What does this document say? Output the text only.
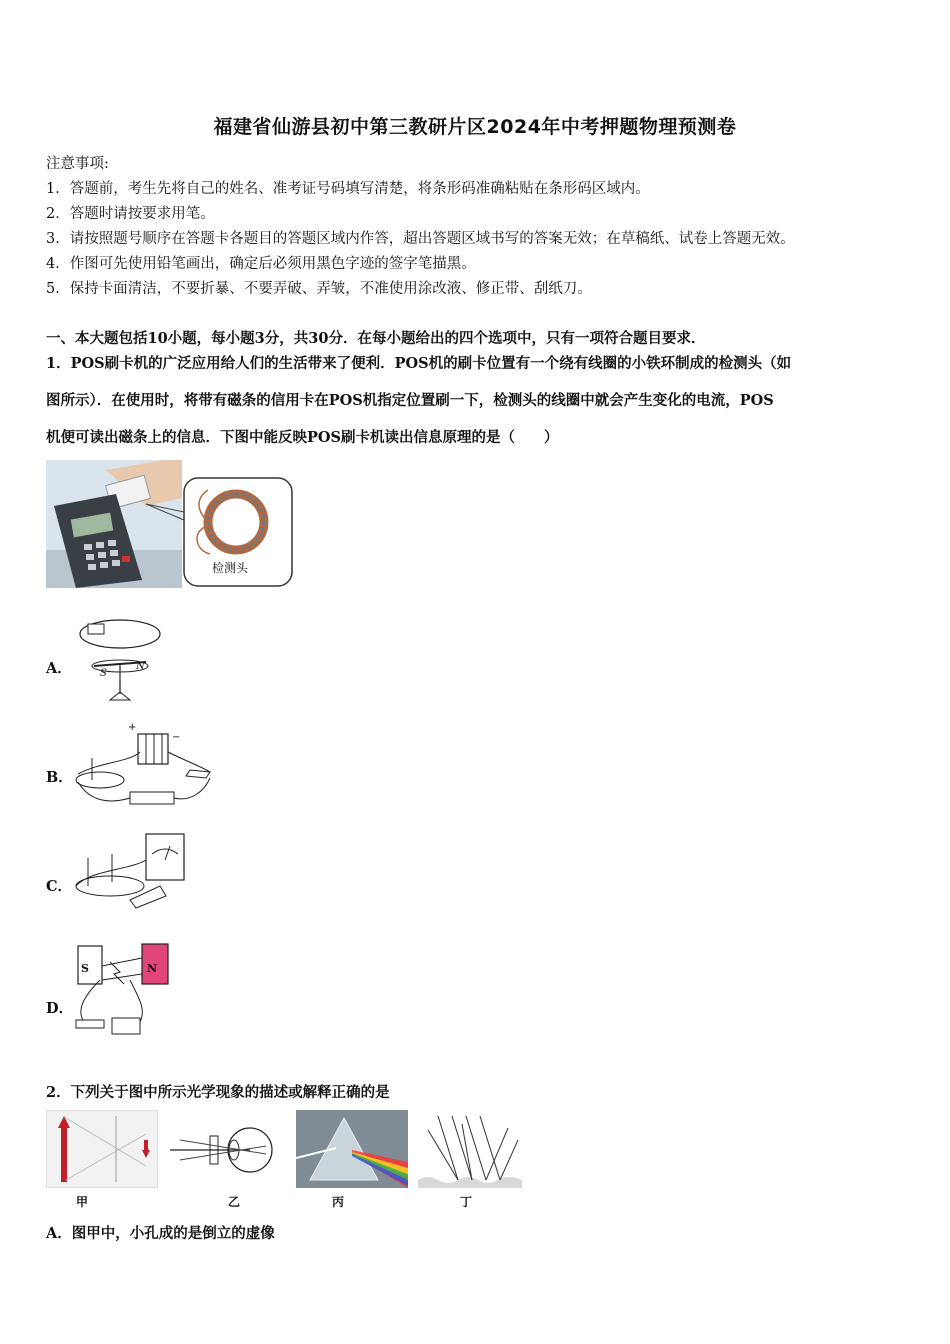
福建省仙游县初中第三教研片区2024年中考押题物理预测卷
注意事项:
1．答题前，考生先将自己的姓名、准考证号码填写清楚，将条形码准确粘贴在条形码区域内。
2．答题时请按要求用笔。
3．请按照题号顺序在答题卡各题目的答题区域内作答，超出答题区域书写的答案无效；在草稿纸、试卷上答题无效。
4．作图可先使用铅笔画出，确定后必须用黑色字迹的签字笔描黑。
5．保持卡面清洁，不要折暴、不要弄破、弄皱，不准使用涂改液、修正带、刮纸刀。
一、本大题包括10小题，每小题3分，共30分．在每小题给出的四个选项中，只有一项符合题目要求．
1．POS刷卡机的广泛应用给人们的生活带来了便利．POS机的刷卡位置有一个绕有线圈的小铁环制成的检测头（如
图所示）．在使用时，将带有磁条的信用卡在POS机指定位置刷一下，检测头的线圈中就会产生变化的电流，POS
机便可读出磁条上的信息．下图中能反映POS刷卡机读出信息原理的是（　　）
检测头
A．	S
N
B．
+
−
C．
D．
S	N
2．下列关于图中所示光学现象的描述或解释正确的是
甲	乙	丙	丁
A．图甲中，小孔成的是倒立的虚像
